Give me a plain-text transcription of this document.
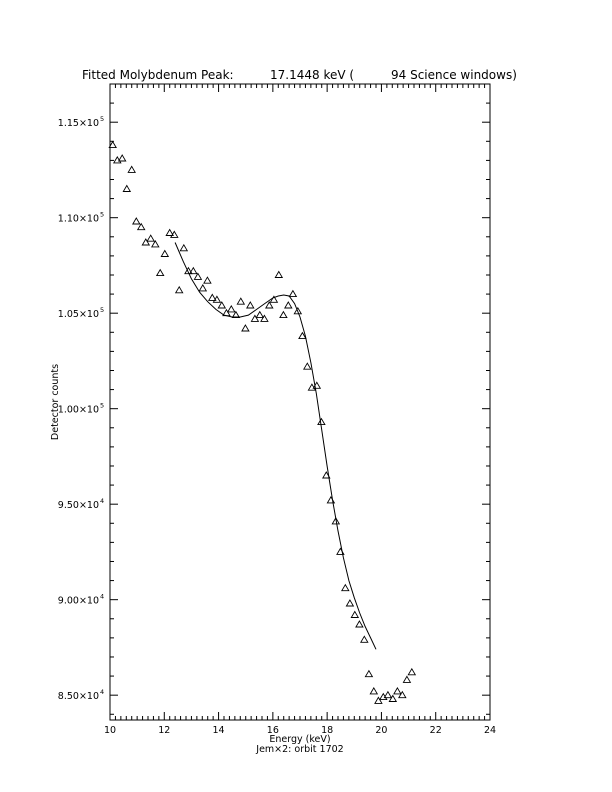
Fitted Molybdenum Peak:	17.1448 keV (	94 Science windows)
10	12	14	16	18	20	22	24
8.50×10 4
9.00×10 4
9.50×10 4
1.00×10 5
1.05×10 5
1.10×10 5
1.15×10 5
Energy (keV)
Jem×2: orbit 1702
Detector counts
